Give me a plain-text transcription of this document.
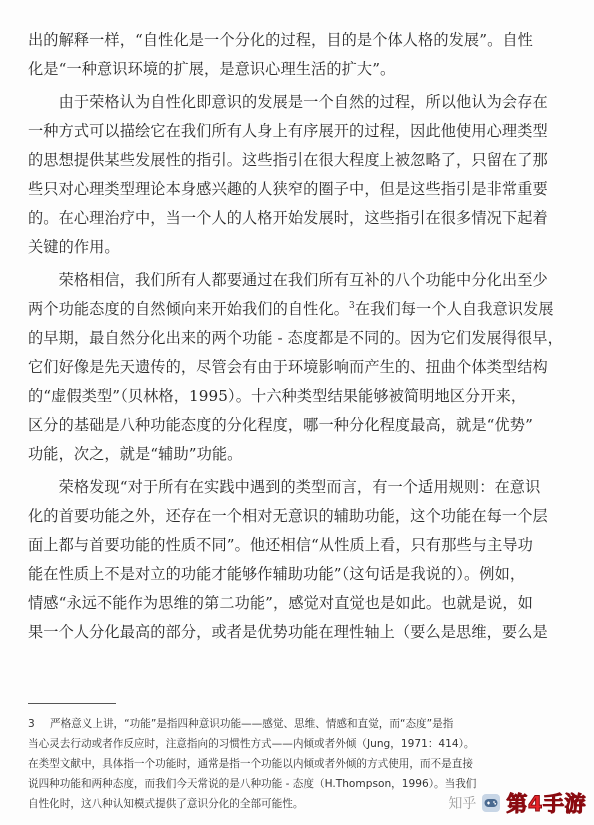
出的解释一样，“自性化是一个分化的过程，目的是个体人格的发展”。自性
化是“一种意识环境的扩展，是意识心理生活的扩大”。
　　由于荣格认为自性化即意识的发展是一个自然的过程，所以他认为会存在
一种方式可以描绘它在我们所有人身上有序展开的过程，因此他使用心理类型
的思想提供某些发展性的指引。这些指引在很大程度上被忽略了，只留在了那
些只对心理类型理论本身感兴趣的人狭窄的圈子中，但是这些指引是非常重要
的。在心理治疗中，当一个人的人格开始发展时，这些指引在很多情况下起着
关键的作用。
　　荣格相信，我们所有人都要通过在我们所有互补的八个功能中分化出至少
两个功能态度的自然倾向来开始我们的自性化。$^3$在我们每一个人自我意识发展
的早期，最自然分化出来的两个功能 - 态度都是不同的。因为它们发展得很早，
它们好像是先天遗传的，尽管会有由于环境影响而产生的、扭曲个体类型结构
的“虚假类型”（贝林格，1995）。十六种类型结果能够被简明地区分开来，
区分的基础是八种功能态度的分化程度，哪一种分化程度最高，就是“优势”
功能，次之，就是“辅助”功能。
　　荣格发现“对于所有在实践中遇到的类型而言，有一个适用规则：在意识
化的首要功能之外，还存在一个相对无意识的辅助功能，这个功能在每一个层
面上都与首要功能的性质不同”。他还相信“从性质上看，只有那些与主导功
能在性质上不是对立的功能才能够作辅助功能”（这句话是我说的）。例如，
情感“永远不能作为思维的第二功能”，感觉对直觉也是如此。也就是说，如
果一个人分化最高的部分，或者是优势功能在理性轴上（要么是思维，要么是
3 严格意义上讲，“功能”是指四种意识功能——感觉、思维、情感和直觉，而“态度”是指
当心灵去行动或者作反应时，注意指向的习惯性方式——内倾或者外倾（Jung，1971：414）。
在类型文献中，具体指一个功能时，通常是指一个功能以内倾或者外倾的方式使用，而不是直接
说四种功能和两种态度，而我们今天常说的是八种功能 - 态度（H.Thompson，1996）。当我们
自性化时，这八种认知模式提供了意识分化的全部可能性。	知乎 第4手游
